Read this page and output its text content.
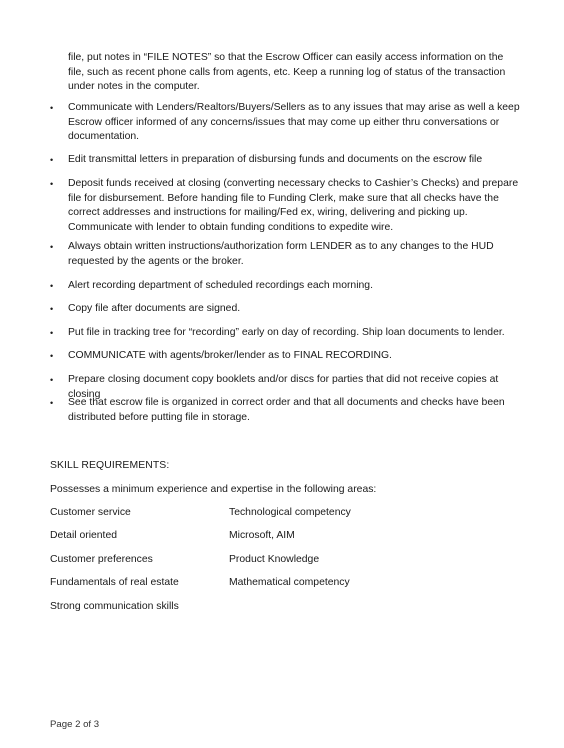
file, put notes in “FILE NOTES” so that the Escrow Officer can easily access information on the file, such as recent phone calls from agents, etc. Keep a running log of status of the transaction under notes in the computer.

•	Communicate with Lenders/Realtors/Buyers/Sellers as to any issues that may arise as well a keep Escrow officer informed of any concerns/issues that may come up either thru conversations or documentation.
•	Edit transmittal letters in preparation of disbursing funds and documents on the escrow file
•	Deposit funds received at closing (converting necessary checks to Cashier’s Checks) and prepare file for disbursement. Before handing file to Funding Clerk, make sure that all checks have the correct addresses and instructions for mailing/Fed ex, wiring, delivering and picking up. Communicate with lender to obtain funding conditions to expedite wire.
•	Always obtain written instructions/authorization form LENDER as to any changes to the HUD requested by the agents or the broker.
•	Alert recording department of scheduled recordings each morning.
•	Copy file after documents are signed.
•	Put file in tracking tree for “recording” early on day of recording. Ship loan documents to lender.
•	COMMUNICATE with agents/broker/lender as to FINAL RECORDING.
•	Prepare closing document copy booklets and/or discs for parties that did not receive copies at closing
•	See that escrow file is organized in correct order and that all documents and checks have been distributed before putting file in storage.
SKILL REQUIREMENTS:
Possesses a minimum experience and expertise in the following areas:
Customer service	Technological competency
Detail oriented	Microsoft, AIM
Customer preferences	Product Knowledge
Fundamentals of real estate	Mathematical competency
Strong communication skills
Page 2 of 3
